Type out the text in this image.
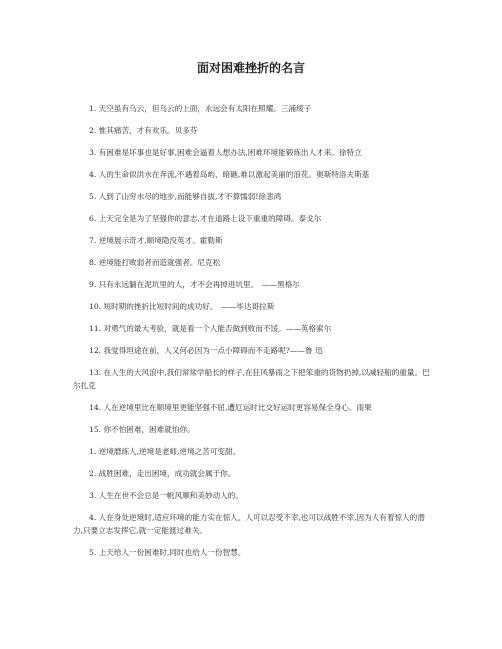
面对困难挫折的名言

1. 天空虽有乌云，但乌云的上面，永远会有太阳在照耀。三浦绫子

2. 惟其痛苦，才有欢乐。贝多芬

3. 有困难是坏事也是好事,困难会逼着人想办法,困难环境能锻炼出人才来。徐特立

4. 人的生命似洪水在奔流,不遇着岛屿、暗礁,难以激起美丽的浪花。奥斯特洛夫斯基

5. 人到了山穷水尽的地步,而能够自拔,才不算懦弱!徐悲鸿

6. 上天完全是为了坚强你的意志,才在道路上设下重重的障碍。泰戈尔

7. 逆境展示奇才,顺境隐没英才。霍勒斯

8. 逆境能打败弱者而造就强者。尼克松

9. 只有永远躺在泥坑里的人，才不会再掉进坑里。　——黑格尔

10. 短时期的挫折比短时间的成功好。　——毕达哥拉斯

11. 对勇气的最大考验，就是看一个人能否做到败而不馁。——英格索尔

12. 我觉得坦途在前，人又何必因为一点小障碍而不走路呢?——鲁 迅

13. 在人生的大风浪中,我们常常学船长的样子,在狂风暴雨之下把笨重的货物扔掉,以减轻船的重量。巴尔扎克

14. 人在逆境里比在顺境里更能坚强不屈,遭厄运时比交好运时更容易保全身心。雨果

15. 你不怕困难，困难就怕你。

1. 逆境磨练人,逆境是老师,逆境之苦可变甜。

2. 战胜困难，走出困境，成功就会属于你。

3. 人生在世不会总是一帆风顺和美妙动人的。

4. 人在身处逆境时,适应环境的能力实在惊人。人可以忍受不幸,也可以战胜不幸,因为人有着惊人的潜力,只要立志发挥它,就一定能渡过难关。

5. 上天给人一份困难时,同时也给人一份智慧。
